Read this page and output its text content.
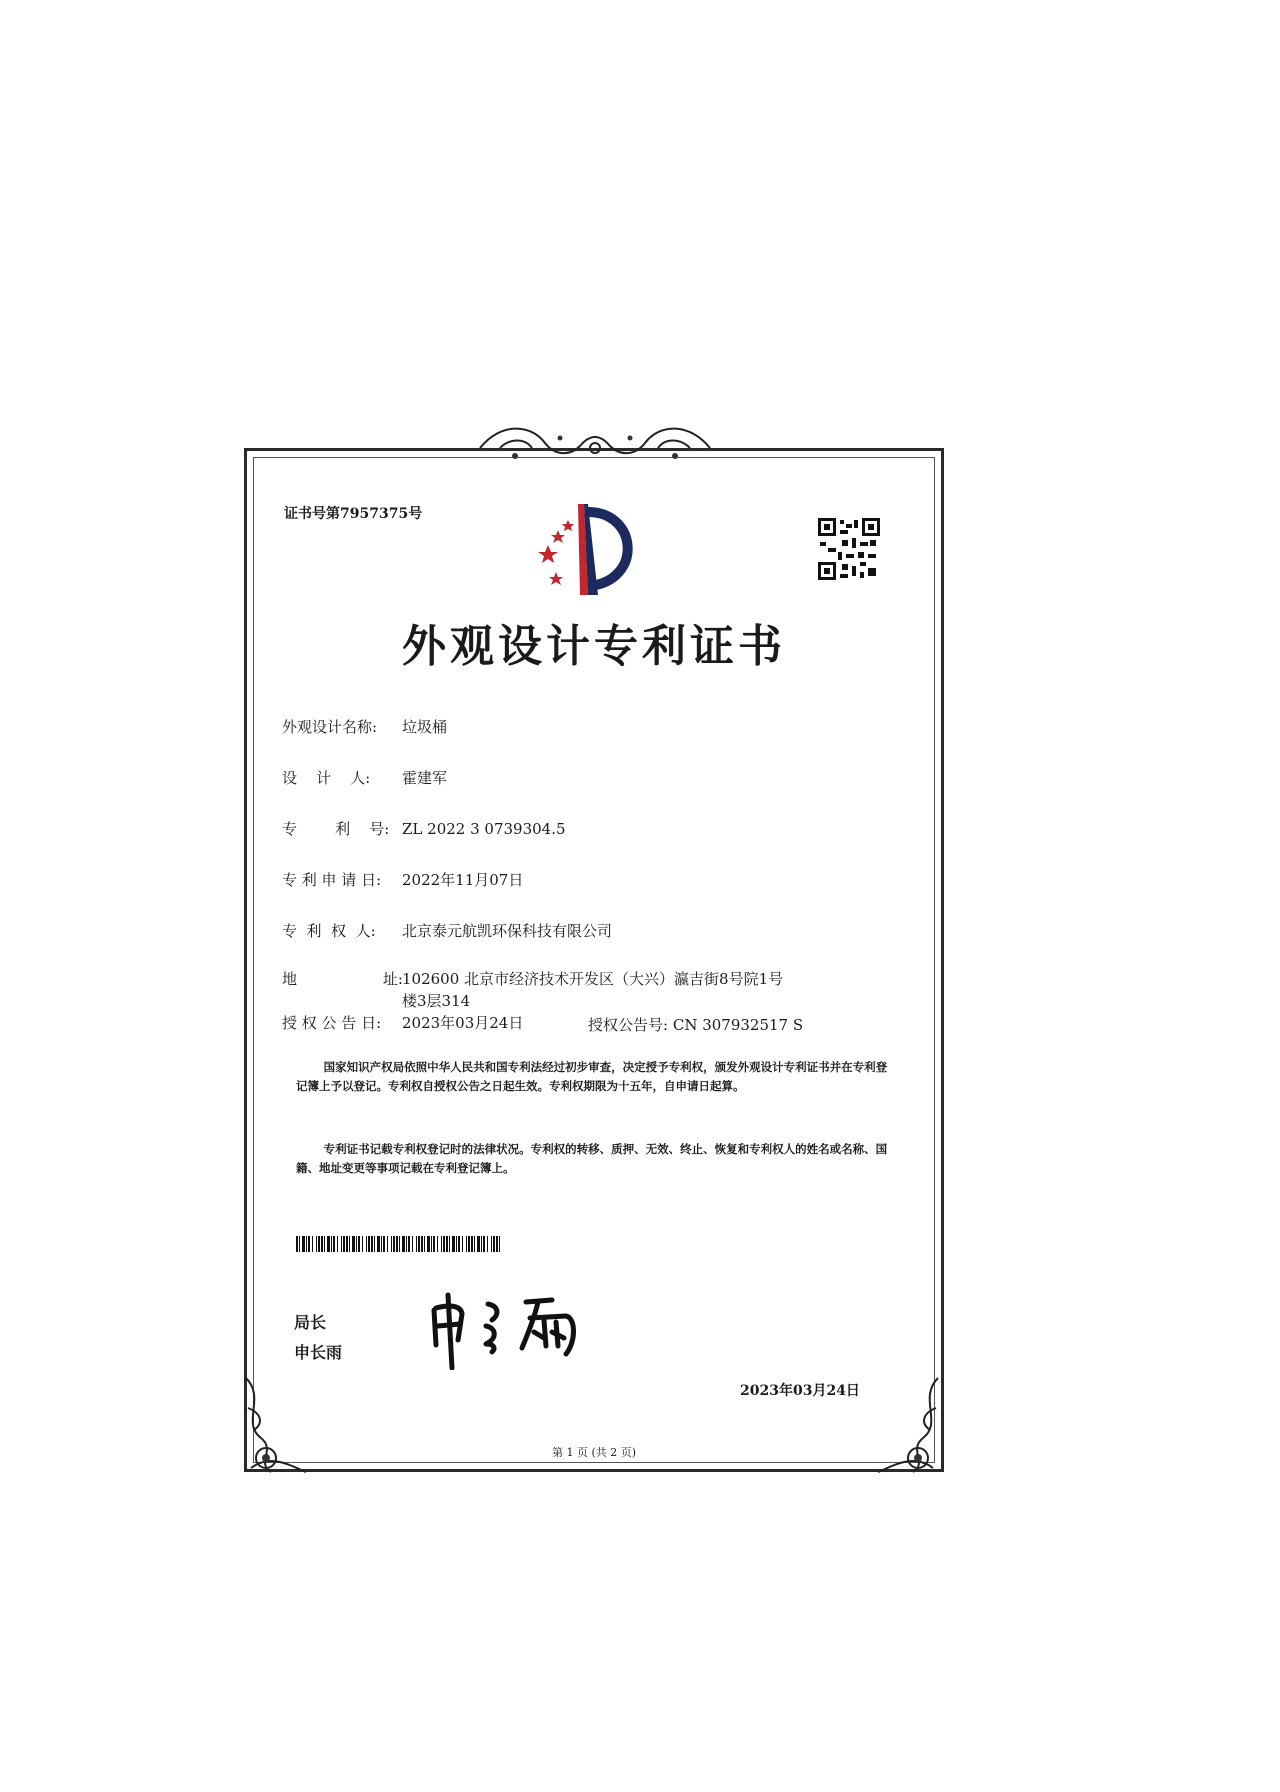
证书号第7957375号
外观设计专利证书
外观设计名称: 垃圾桶
设    计    人: 霍建军
专        利    号: ZL 2022 3 0739304.5
专 利 申 请 日: 2022年11月07日
专  利  权  人: 北京泰元航凯环保科技有限公司
地                  址: 102600 北京市经济技术开发区（大兴）瀛吉街8号院1号
楼3层314
授 权 公 告 日: 2023年03月24日	授权公告号: CN 307932517 S
国家知识产权局依照中华人民共和国专利法经过初步审查，决定授予专利权，颁发外观设计专利证书并在专利登记簿上予以登记。专利权自授权公告之日起生效。专利权期限为十五年，自申请日起算。
专利证书记载专利权登记时的法律状况。专利权的转移、质押、无效、终止、恢复和专利权人的姓名或名称、国籍、地址变更等事项记载在专利登记簿上。
局长
申长雨
2023年03月24日
第 1 页 (共 2 页)
